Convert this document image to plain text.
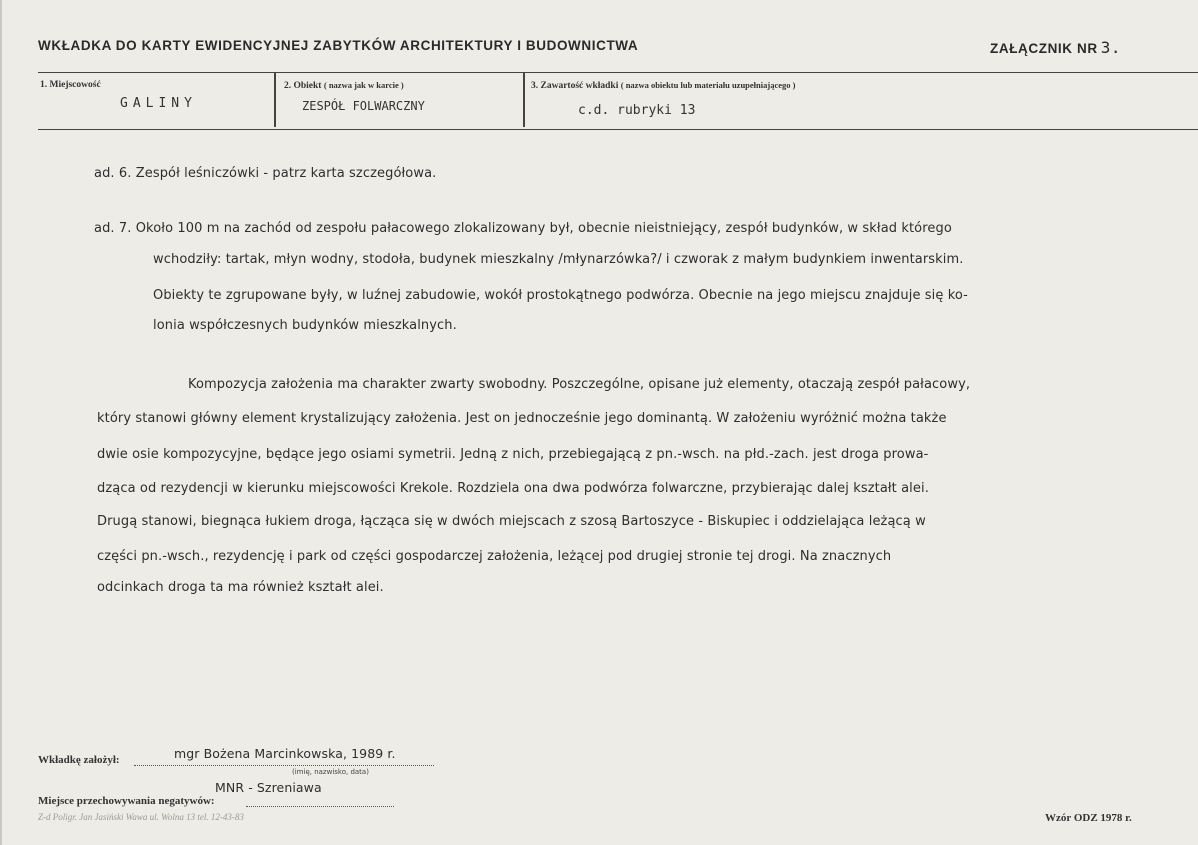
WKŁADKA DO KARTY EWIDENCYJNEJ ZABYTKÓW ARCHITEKTURY I BUDOWNICTWA	ZAŁĄCZNIK NR 3.
1. Miejscowość
GALINY
2. Obiekt ( nazwa jak w karcie )
ZESPÓŁ FOLWARCZNY
3. Zawartość wkładki ( nazwa obiektu lub materiału uzupełniającego )
c.d. rubryki 13
ad. 6. Zespół leśniczówki - patrz karta szczegółowa.
ad. 7. Około 100 m na zachód od zespołu pałacowego zlokalizowany był, obecnie nieistniejący, zespół budynków, w skład którego
wchodziły: tartak, młyn wodny, stodoła, budynek mieszkalny /młynarzówka?/ i czworak z małym budynkiem inwentarskim.
Obiekty te zgrupowane były, w luźnej zabudowie, wokół prostokątnego podwórza. Obecnie na jego miejscu znajduje się ko-
lonia współczesnych budynków mieszkalnych.
Kompozycja założenia ma charakter zwarty swobodny. Poszczególne, opisane już elementy, otaczają zespół pałacowy,
który stanowi główny element krystalizujący założenia. Jest on jednocześnie jego dominantą. W założeniu wyróżnić można także
dwie osie kompozycyjne, będące jego osiami symetrii. Jedną z nich, przebiegającą z pn.-wsch. na płd.-zach. jest droga prowa-
dząca od rezydencji w kierunku miejscowości Krekole. Rozdziela ona dwa podwórza folwarczne, przybierając dalej kształt alei.
Drugą stanowi, biegnąca łukiem droga, łącząca się w dwóch miejscach z szosą Bartoszyce - Biskupiec i oddzielająca leżącą w
części pn.-wsch., rezydencję i park od części gospodarczej założenia, leżącej pod drugiej stronie tej drogi. Na znacznych
odcinkach droga ta ma również kształt alei.
Wkładkę założył:	mgr Bożena Marcinkowska, 1989 r.
(imię, nazwisko, data)
MNR - Szreniawa
Miejsce przechowywania negatywów:
Z-d Poligr. Jan Jasiński Wawa ul. Wolna 13 tel. 12-43-83	Wzór ODZ 1978 r.
